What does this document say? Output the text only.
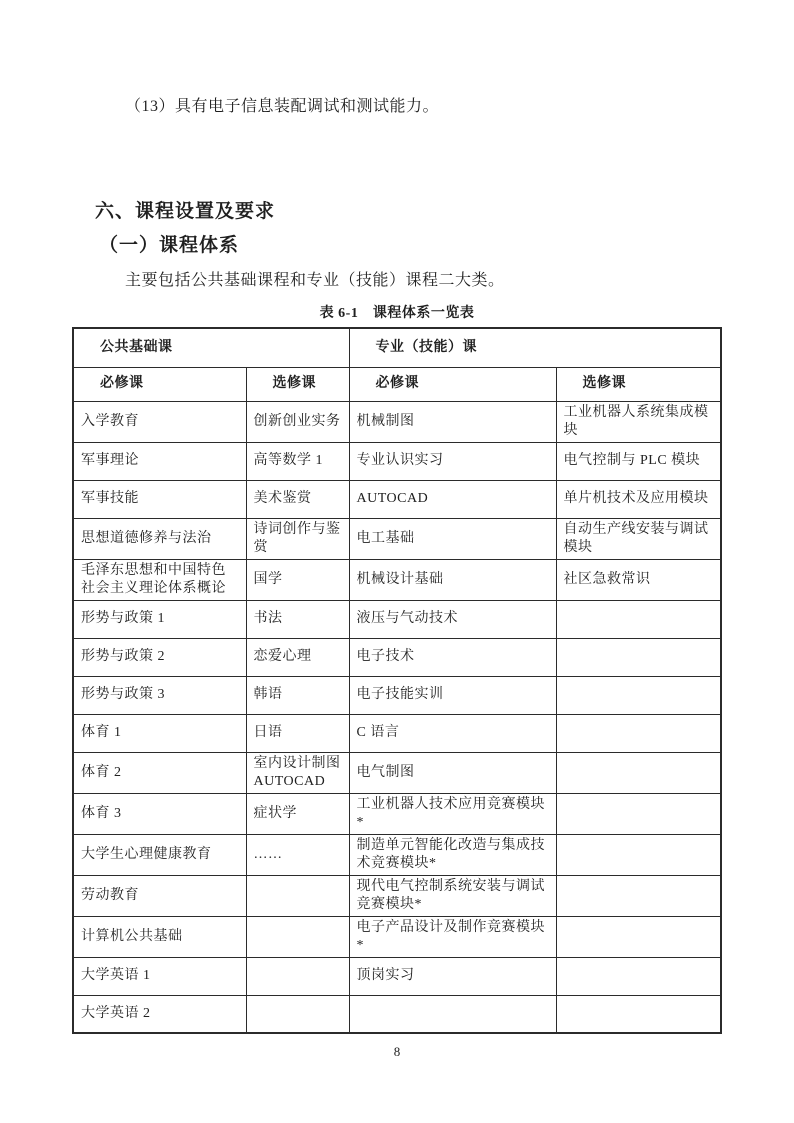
（13）具有电子信息装配调试和测试能力。

六、课程设置及要求
（一）课程体系

主要包括公共基础课程和专业（技能）课程二大类。

表 6-1　课程体系一览表
公共基础课		专业（技能）课	
必修课	选修课	必修课	选修课
入学教育	创新创业实务	机械制图	工业机器人系统集成模块
军事理论	高等数学 1	专业认识实习	电气控制与 PLC 模块
军事技能	美术鉴赏	AUTOCAD	单片机技术及应用模块
思想道德修养与法治	诗词创作与鉴赏	电工基础	自动生产线安装与调试模块
毛泽东思想和中国特色社会主义理论体系概论	国学	机械设计基础	社区急救常识
形势与政策 1	书法	液压与气动技术	
形势与政策 2	恋爱心理	电子技术	
形势与政策 3	韩语	电子技能实训	
体育 1	日语	C 语言	
体育 2	室内设计制图 AUTOCAD	电气制图	
体育 3	症状学	工业机器人技术应用竞赛模块*	
大学生心理健康教育	……	制造单元智能化改造与集成技术竞赛模块*	
劳动教育		现代电气控制系统安装与调试竞赛模块*	
计算机公共基础		电子产品设计及制作竞赛模块*	
大学英语 1		顶岗实习	
大学英语 2			
8
